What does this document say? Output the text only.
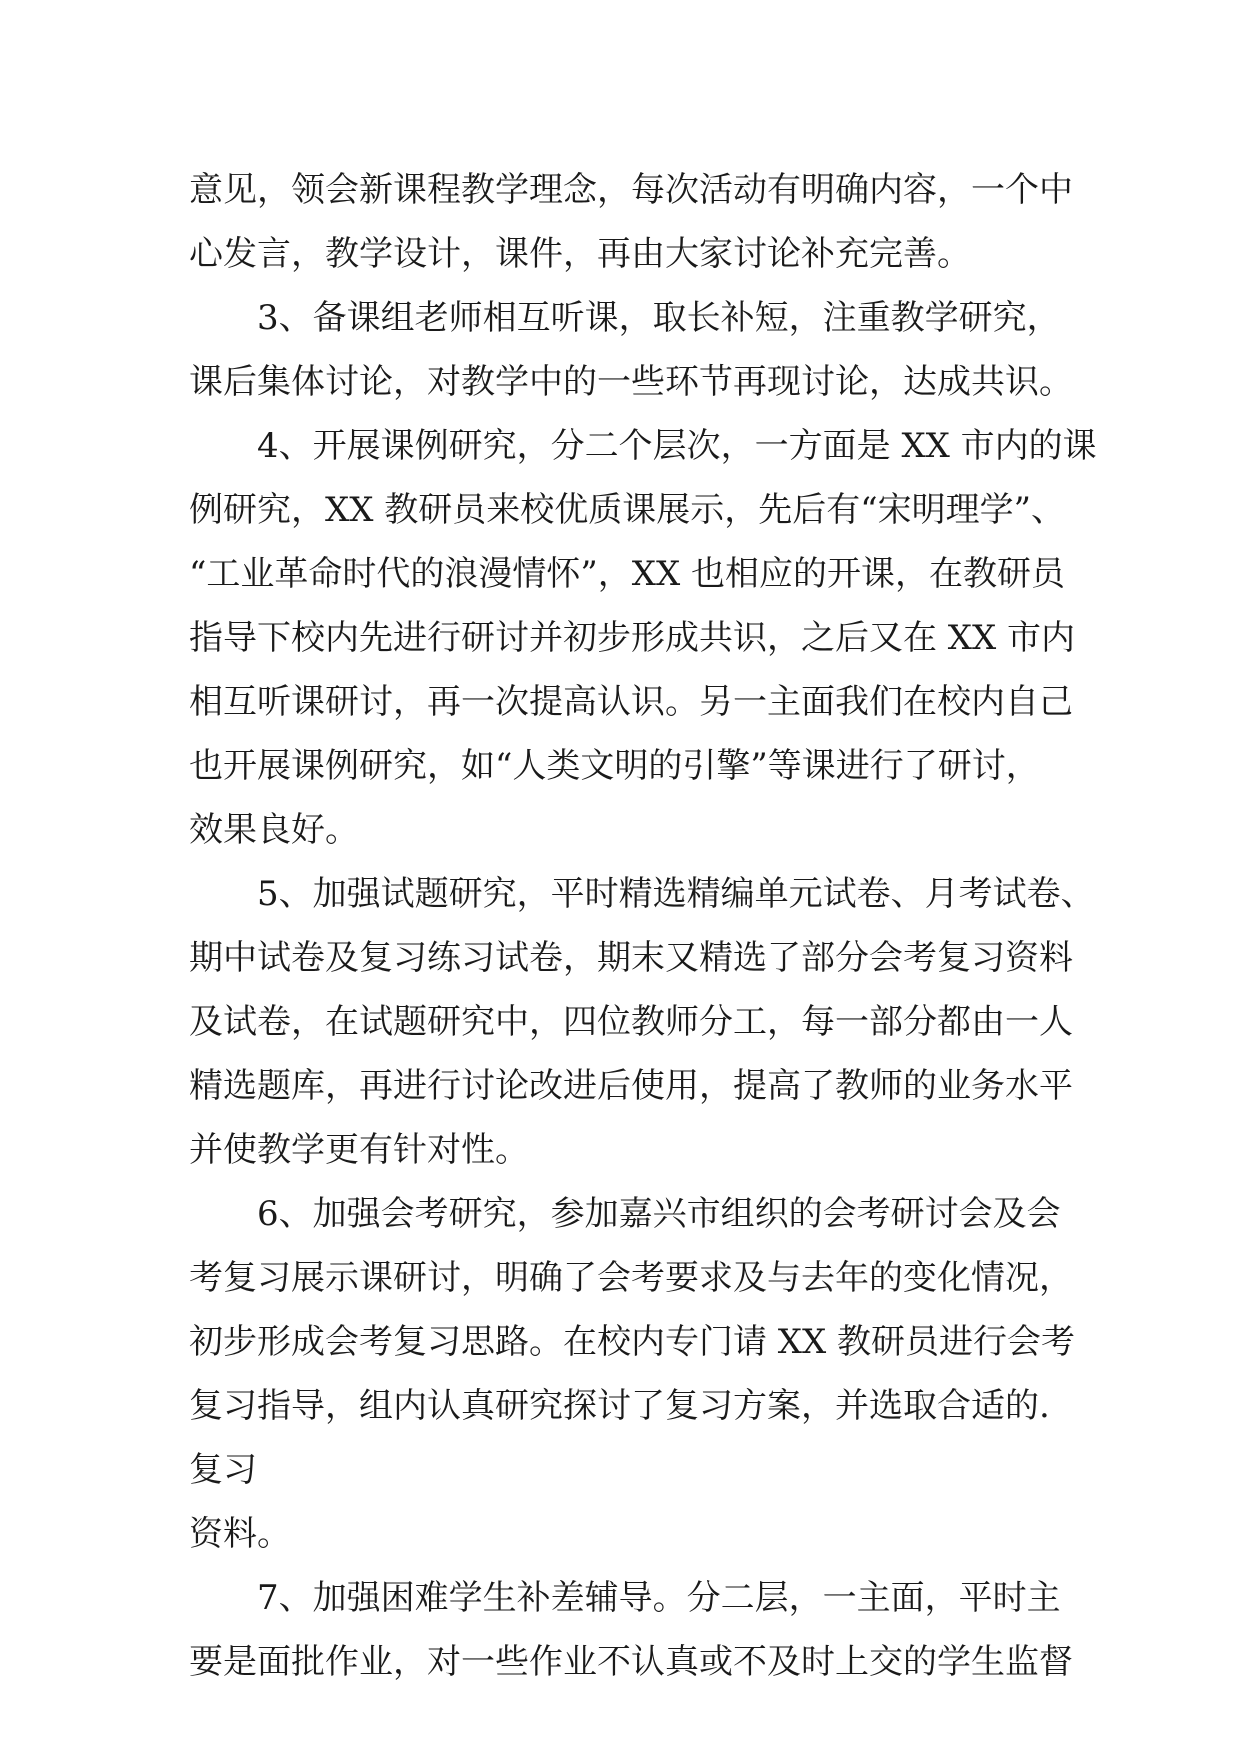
意见，领会新课程教学理念，每次活动有明确内容，一个中
心发言，教学设计，课件，再由大家讨论补充完善。
3、备课组老师相互听课，取长补短，注重教学研究，
课后集体讨论，对教学中的一些环节再现讨论，达成共识。
4、开展课例研究，分二个层次，一方面是 XX 市内的课
例研究，XX 教研员来校优质课展示，先后有“宋明理学”、
“工业革命时代的浪漫情怀”，XX 也相应的开课，在教研员
指导下校内先进行研讨并初步形成共识，之后又在 XX 市内
相互听课研讨，再一次提高认识。另一主面我们在校内自己
也开展课例研究，如“人类文明的引擎”等课进行了研讨，
效果良好。
5、加强试题研究，平时精选精编单元试卷、月考试卷、
期中试卷及复习练习试卷，期末又精选了部分会考复习资料
及试卷，在试题研究中，四位教师分工，每一部分都由一人
精选题库，再进行讨论改进后使用，提高了教师的业务水平
并使教学更有针对性。
6、加强会考研究，参加嘉兴市组织的会考研讨会及会
考复习展示课研讨，明确了会考要求及与去年的变化情况，
初步形成会考复习思路。在校内专门请 XX 教研员进行会考
复习指导，组内认真研究探讨了复习方案，并选取合适的.
复习
资料。
7、加强困难学生补差辅导。分二层，一主面，平时主
要是面批作业，对一些作业不认真或不及时上交的学生监督
